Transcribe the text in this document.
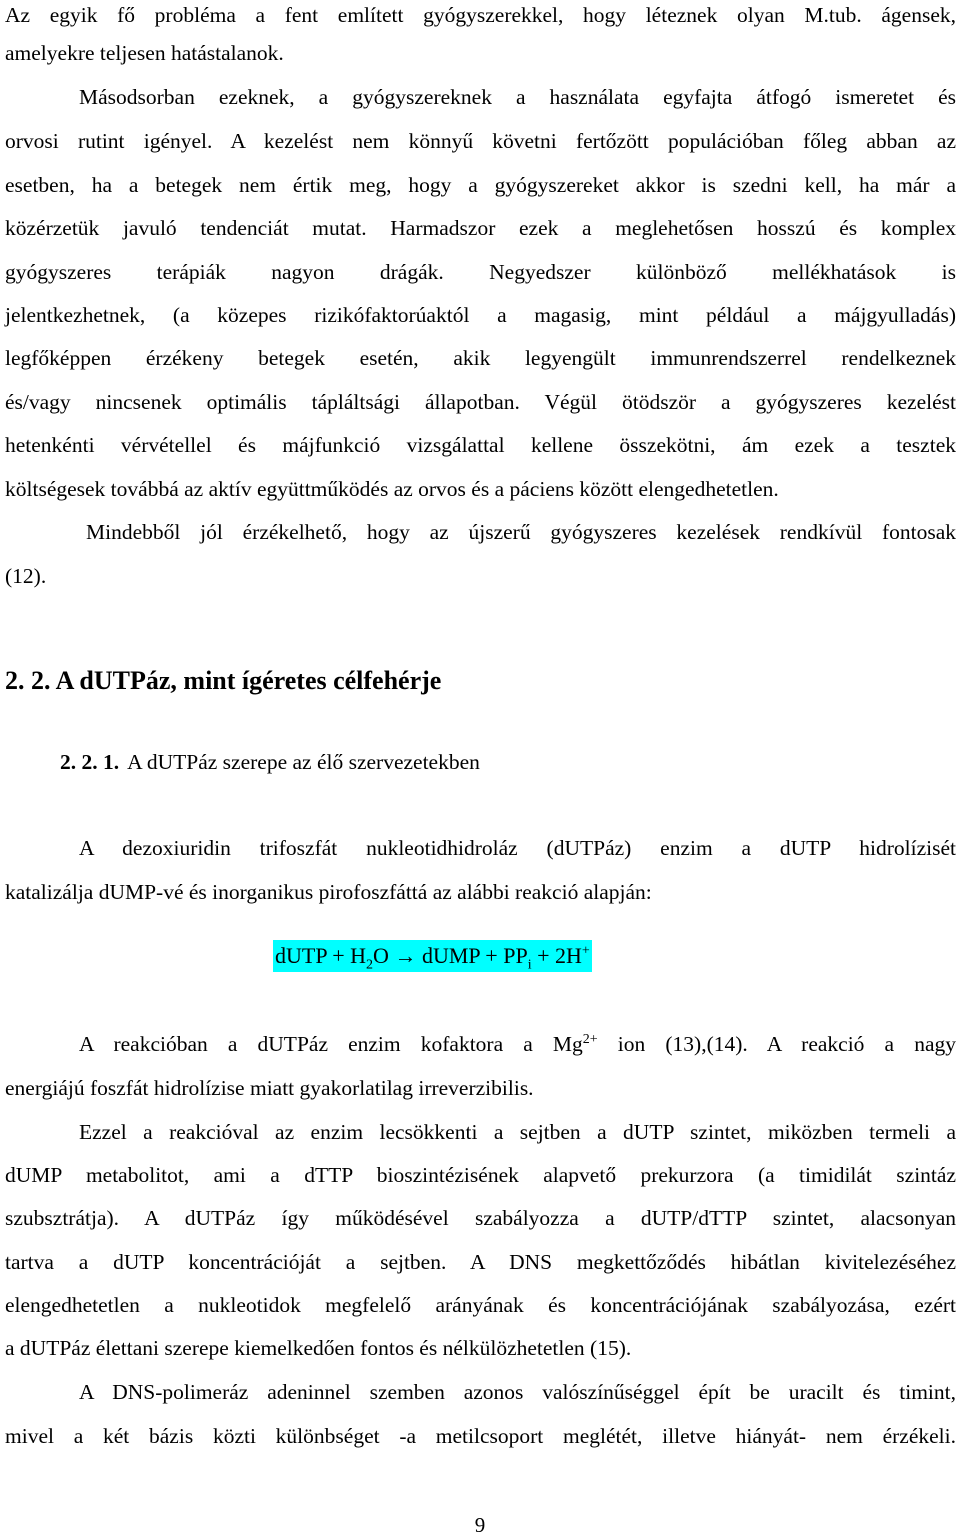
Az egyik fő probléma a fent említett gyógyszerekkel, hogy léteznek olyan M.tub. ágensek,
amelyekre teljesen hatástalanok.
Másodsorban ezeknek, a gyógyszereknek a használata egyfajta átfogó ismeretet és
orvosi rutint igényel. A kezelést nem könnyű követni fertőzött populációban főleg abban az
esetben, ha a betegek nem értik meg, hogy a gyógyszereket akkor is szedni kell, ha már a
közérzetük javuló tendenciát mutat. Harmadszor ezek a meglehetősen hosszú és komplex
gyógyszeres terápiák nagyon drágák. Negyedszer különböző mellékhatások is
jelentkezhetnek, (a közepes rizikófaktorúaktól a magasig, mint például a májgyulladás)
legfőképpen érzékeny betegek esetén, akik legyengült immunrendszerrel rendelkeznek
és/vagy nincsenek optimális tápláltsági állapotban. Végül ötödször a gyógyszeres kezelést
hetenkénti vérvétellel és májfunkció vizsgálattal kellene összekötni, ám ezek a tesztek
költségesek továbbá az aktív együttműködés az orvos és a páciens között elengedhetetlen.
Mindebből jól érzékelhető, hogy az újszerű gyógyszeres kezelések rendkívül fontosak
(12).
2. 2. A dUTPáz, mint ígéretes célfehérje
2. 2. 1. A dUTPáz szerepe az élő szervezetekben
A dezoxiuridin trifoszfát nukleotidhidroláz (dUTPáz) enzim a dUTP hidrolízisét
katalizálja dUMP-vé és inorganikus pirofoszfáttá az alábbi reakció alapján:
dUTP + $H_2O$ → dUMP + $PP_i + 2H^+$
A reakcióban a dUTPáz enzim kofaktora a $Mg^{2+}$ ion (13),(14). A reakció a nagy
energiájú foszfát hidrolízise miatt gyakorlatilag irreverzibilis.
Ezzel a reakcióval az enzim lecsökkenti a sejtben a dUTP szintet, miközben termeli a
dUMP metabolitot, ami a dTTP bioszintézisének alapvető prekurzora (a timidilát szintáz
szubsztrátja). A dUTPáz így működésével szabályozza a dUTP/dTTP szintet, alacsonyan
tartva a dUTP koncentrációját a sejtben. A DNS megkettőződés hibátlan kivitelezéséhez
elengedhetetlen a nukleotidok megfelelő arányának és koncentrációjának szabályozása, ezért
a dUTPáz élettani szerepe kiemelkedően fontos és nélkülözhetetlen (15).
A DNS-polimeráz adeninnel szemben azonos valószínűséggel épít be uracilt és timint,
mivel a két bázis közti különbséget -a metilcsoport meglétét, illetve hiányát- nem érzékeli.
9
